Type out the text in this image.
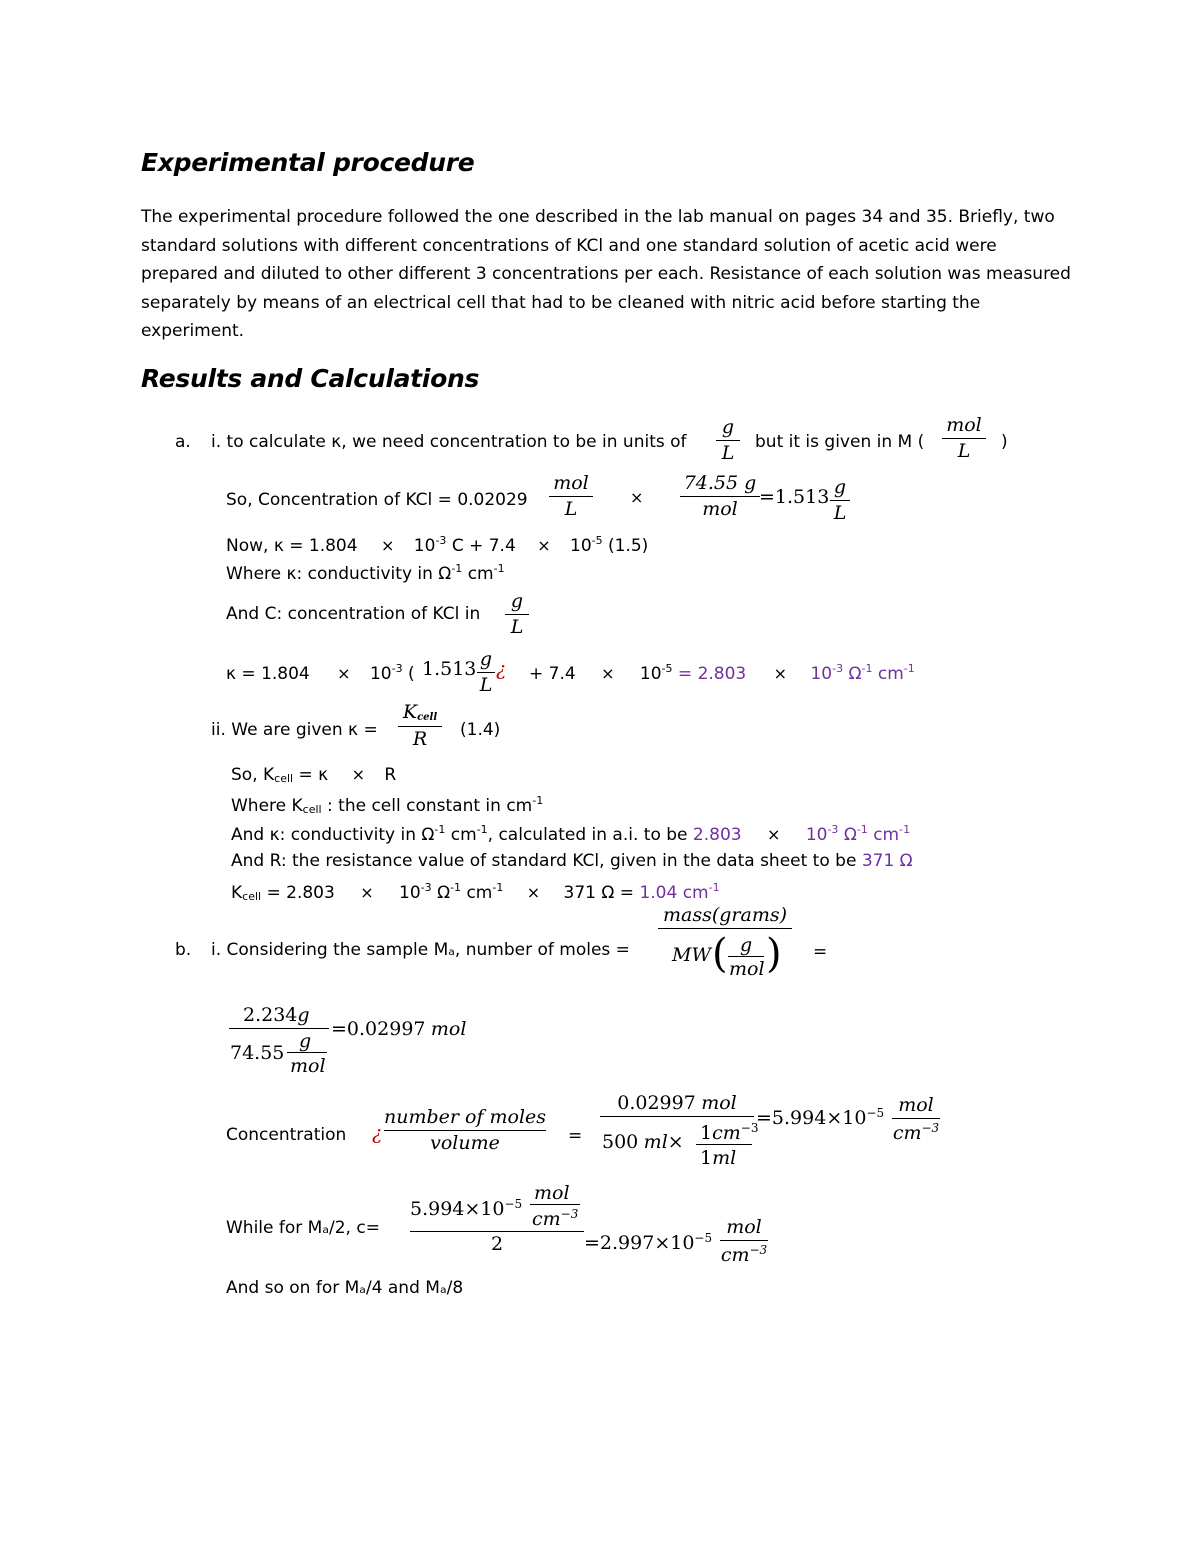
Experimental procedure

The experimental procedure followed the one described in the lab manual on pages 34 and 35. Briefly, two standard solutions with different concentrations of KCl and one standard solution of acetic acid were prepared and diluted to other different 3 concentrations per each. Resistance of each solution was measured separately by means of an electrical cell that had to be cleaned with nitric acid before starting the experiment.

Results and Calculations
a. i. to calculate κ, we need concentration to be in units of
g
L	but it is given in M (
mol
L	)
So, Concentration of KCl = 0.02029
mol
L
×
74.55 g
mol
=1.513 g
L
Now, $\kappa = 1.804 \times 10^{-3}$ $C + 7.4 \times 10^{-5}$ (1.5)
Where κ: conductivity in $\Omega^{-1}$ $cm^{-1}$
And C: concentration of KCl in
g
L
$\kappa = 1.804 \times 10^{-3}$ ( 1.513 g
L
¿ + $7.4 \times 10^{-5} = 2.803 \times 10^{-3}$ $\Omega^{-1}$ $cm^{-1}$
ii. We are given κ =
$K_{cell}$
R	(1.4)
So, $K_{cell} = \kappa \times R$
Where $K_{cell}$ : the cell constant in $cm^{-1}$
And κ: conductivity in $\Omega^{-1}$ $cm^{-1}$, calculated in a.i. to be $2.803 \times 10^{-3}$ $\Omega^{-1}$ $cm^{-1}$
And R: the resistance value of standard KCl, given in the data sheet to be 371 Ω
$K_{cell} = 2.803 \times 10^{-3}$ $\Omega^{-1}$ $cm^{-1} \times 371$ Ω = 1.04 $cm^{-1}$
b. i. Considering the sample Mₐ, number of moles =
mass(grams)
MW ( g
mol ) =
2.234g
74.55
g
mol
=0.02997 mol
Concentration ¿
number of moles
volume	=
0.02997 mol
500 $ml\times 1cm^{-3}$
1ml
$=5.994\times 10^{-5}$ mol
$cm^{-3}$
While for Mₐ/2, c=
$5.994\times 10^{-5}$ mol
$cm^{-3}$
2	$=2.997\times 10^{-5}$ mol
$cm^{-3}$
And so on for Mₐ/4 and Mₐ/8
